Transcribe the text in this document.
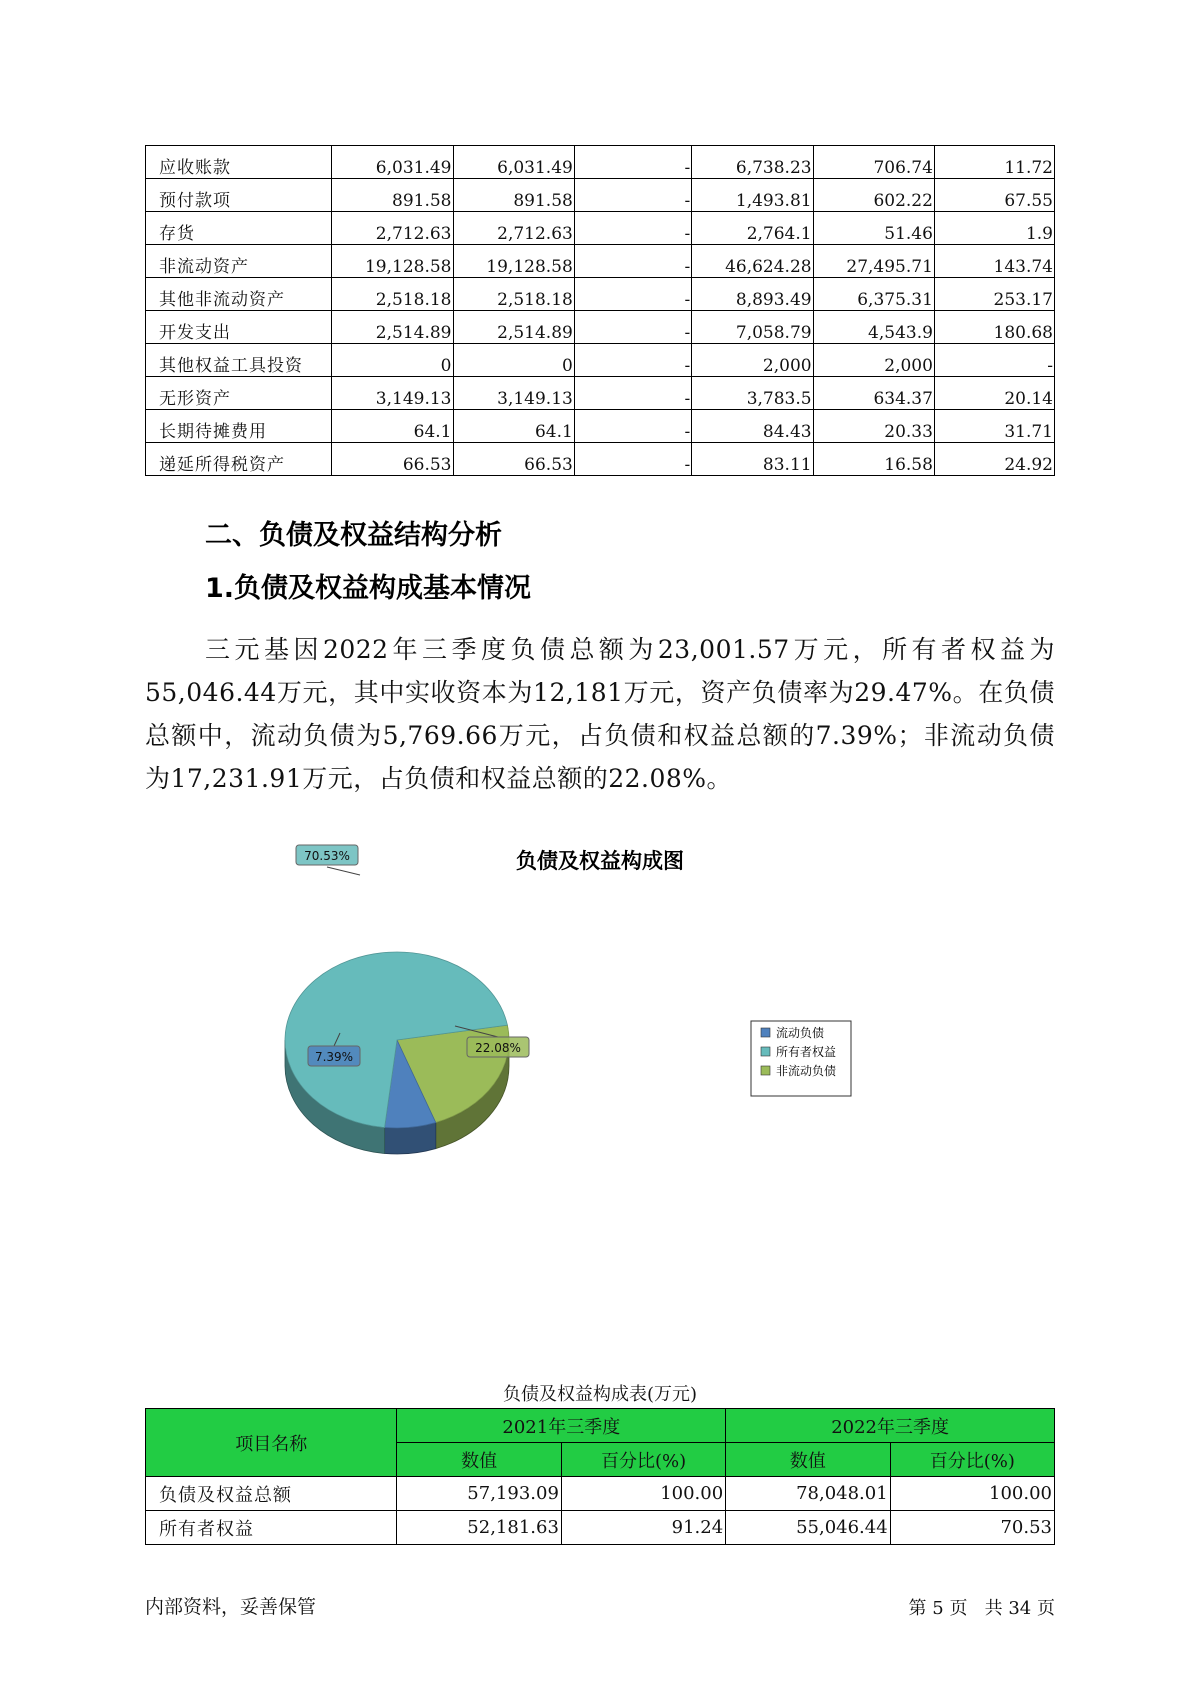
应收账款	6,031.49	6,031.49	-	6,738.23	706.74	11.72
预付款项	891.58	891.58	-	1,493.81	602.22	67.55
存货	2,712.63	2,712.63	-	2,764.1	51.46	1.9
非流动资产	19,128.58	19,128.58	-	46,624.28	27,495.71	143.74
其他非流动资产	2,518.18	2,518.18	-	8,893.49	6,375.31	253.17
开发支出	2,514.89	2,514.89	-	7,058.79	4,543.9	180.68
其他权益工具投资	0	0	-	2,000	2,000	-
无形资产	3,149.13	3,149.13	-	3,783.5	634.37	20.14
长期待摊费用	64.1	64.1	-	84.43	20.33	31.71
递延所得税资产	66.53	66.53	-	83.11	16.58	24.92
二、负债及权益结构分析
1.负债及权益构成基本情况

三元基因2022年三季度负债总额为23,001.57万元，所有者权益为55,046.44万元，其中实收资本为12,181万元，资产负债率为29.47%。在负债总额中，流动负债为5,769.66万元，占负债和权益总额的7.39%；非流动负债为17,231.91万元，占负债和权益总额的22.08%。

负债及权益构成图
70.53%
22.08%
7.39%
流动负债
所有者权益
非流动负债
负债及权益构成表(万元)
项目名称	2021年三季度		2022年三季度	
	数值	百分比(%)	数值	百分比(%)
负债及权益总额	57,193.09	100.00	78,048.01	100.00
所有者权益	52,181.63	91.24	55,046.44	70.53
内部资料，妥善保管	第 5 页 共 34 页
